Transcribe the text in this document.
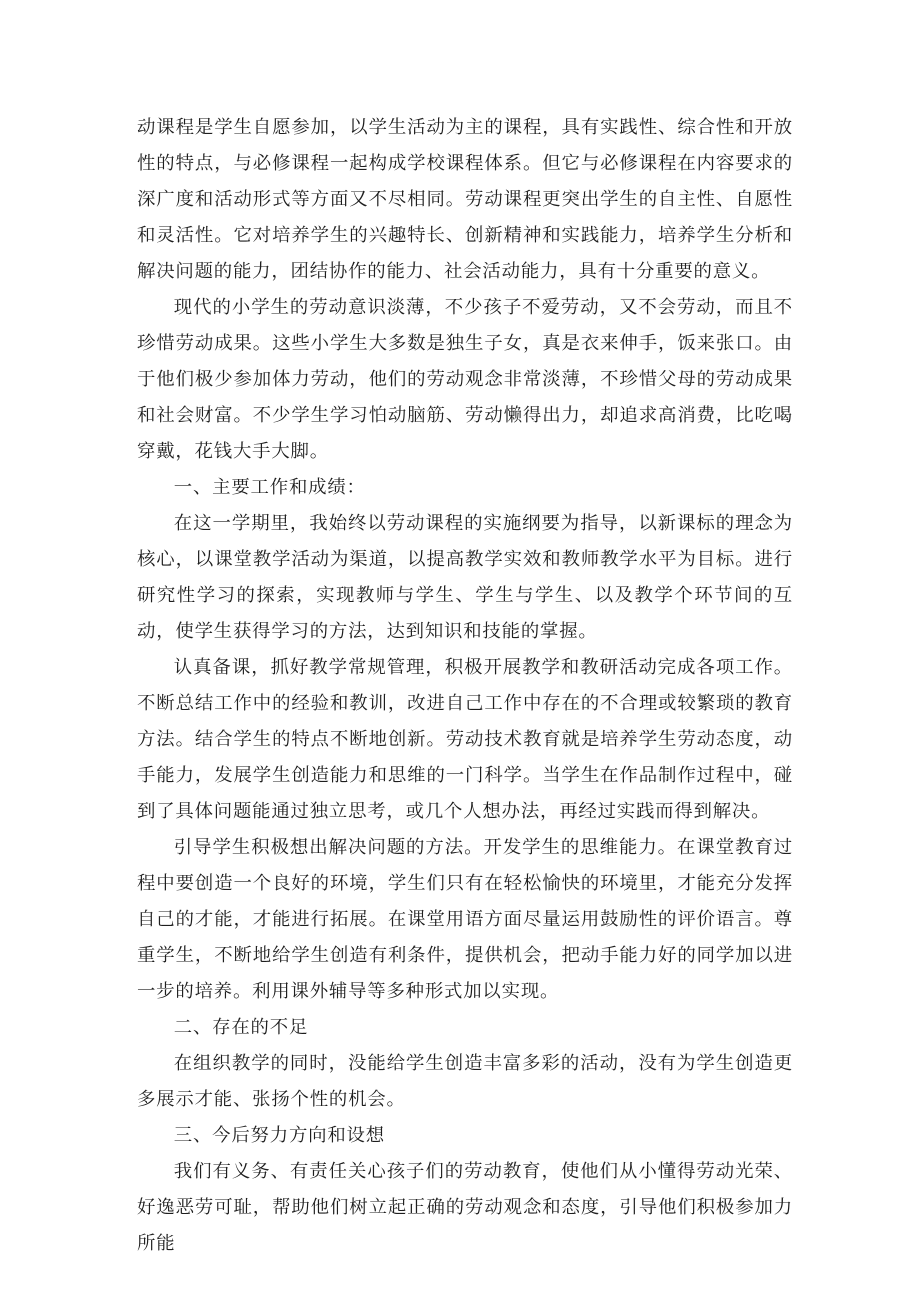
动课程是学生自愿参加，以学生活动为主的课程，具有实践性、综合性和开放性的特点，与必修课程一起构成学校课程体系。但它与必修课程在内容要求的深广度和活动形式等方面又不尽相同。劳动课程更突出学生的自主性、自愿性和灵活性。它对培养学生的兴趣特长、创新精神和实践能力，培养学生分析和解决问题的能力，团结协作的能力、社会活动能力，具有十分重要的意义。

现代的小学生的劳动意识淡薄，不少孩子不爱劳动，又不会劳动，而且不珍惜劳动成果。这些小学生大多数是独生子女，真是衣来伸手，饭来张口。由于他们极少参加体力劳动，他们的劳动观念非常淡薄，不珍惜父母的劳动成果和社会财富。不少学生学习怕动脑筋、劳动懒得出力，却追求高消费，比吃喝穿戴，花钱大手大脚。

一、主要工作和成绩：

在这一学期里，我始终以劳动课程的实施纲要为指导，以新课标的理念为核心，以课堂教学活动为渠道，以提高教学实效和教师教学水平为目标。进行研究性学习的探索，实现教师与学生、学生与学生、以及教学个环节间的互动，使学生获得学习的方法，达到知识和技能的掌握。

认真备课，抓好教学常规管理，积极开展教学和教研活动完成各项工作。不断总结工作中的经验和教训，改进自己工作中存在的不合理或较繁琐的教育方法。结合学生的特点不断地创新。劳动技术教育就是培养学生劳动态度，动手能力，发展学生创造能力和思维的一门科学。当学生在作品制作过程中，碰到了具体问题能通过独立思考，或几个人想办法，再经过实践而得到解决。

引导学生积极想出解决问题的方法。开发学生的思维能力。在课堂教育过程中要创造一个良好的环境，学生们只有在轻松愉快的环境里，才能充分发挥自己的才能，才能进行拓展。在课堂用语方面尽量运用鼓励性的评价语言。尊重学生，不断地给学生创造有利条件，提供机会，把动手能力好的同学加以进一步的培养。利用课外辅导等多种形式加以实现。

二、存在的不足

在组织教学的同时，没能给学生创造丰富多彩的活动，没有为学生创造更多展示才能、张扬个性的机会。

三、今后努力方向和设想

我们有义务、有责任关心孩子们的劳动教育，使他们从小懂得劳动光荣、好逸恶劳可耻，帮助他们树立起正确的劳动观念和态度，引导他们积极参加力所能
